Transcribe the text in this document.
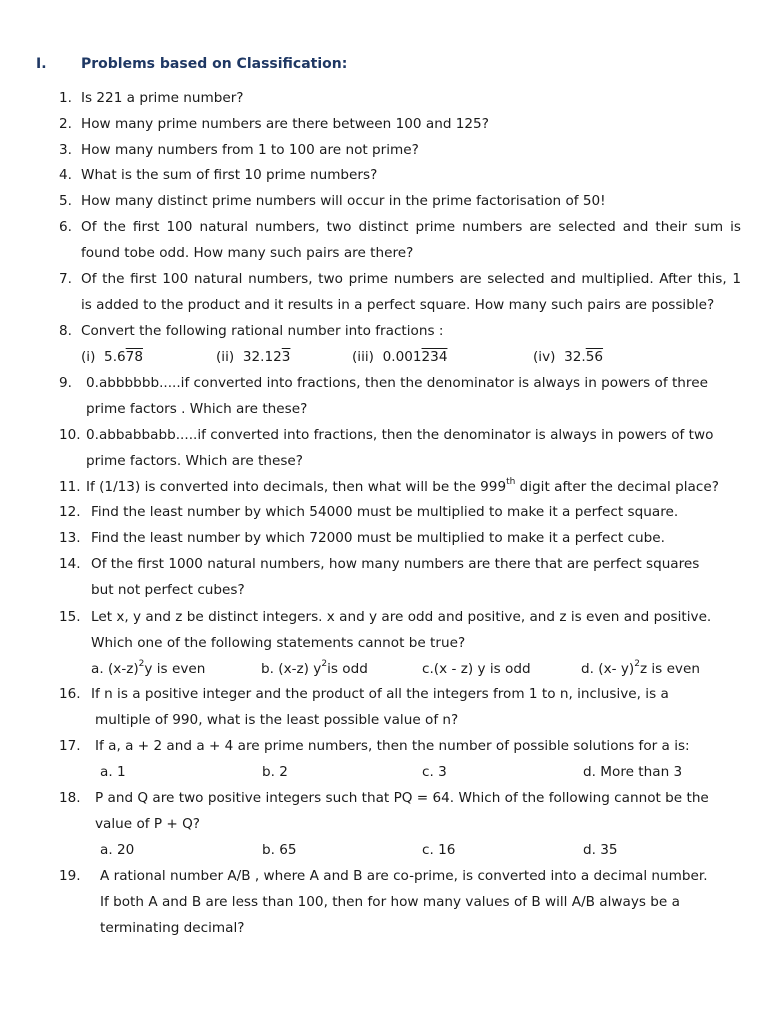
I. Problems based on Classification:
1. Is 221 a prime number?
2. How many prime numbers are there between 100 and 125?
3. How many numbers from 1 to 100 are not prime?
4. What is the sum of first 10 prime numbers?
5. How many distinct prime numbers will occur in the prime factorisation of 50!
6. Of the first 100 natural numbers, two distinct prime numbers are selected and their sum is
found tobe odd. How many such pairs are there?
7. Of the first 100 natural numbers, two prime numbers are selected and multiplied. After this, 1
is added to the product and it results in a perfect square. How many such pairs are possible?
8. Convert the following rational number into fractions :
(i) 5.678	(ii) 32.123	(iii) 0.001234	(iv) 32.56
9. 0.abbbbbb.....if converted into fractions, then the denominator is always in powers of three
prime factors . Which are these?
10. 0.abbabbabb.....if converted into fractions, then the denominator is always in powers of two
prime factors. Which are these?
11. If (1/13) is converted into decimals, then what will be the 999th digit after the decimal place?
12. Find the least number by which 54000 must be multiplied to make it a perfect square.
13. Find the least number by which 72000 must be multiplied to make it a perfect cube.
14. Of the first 1000 natural numbers, how many numbers are there that are perfect squares
but not perfect cubes?
15. Let x, y and z be distinct integers. x and y are odd and positive, and z is even and positive.
Which one of the following statements cannot be true?
a. $(x-z)^2y$ is even	b. (x-z) $y^2is$ odd	c.(x - z) y is odd	d. (x- y)$^2$z is even
16. If n is a positive integer and the product of all the integers from 1 to n, inclusive, is a
multiple of 990, what is the least possible value of n?
17. If a, a + 2 and a + 4 are prime numbers, then the number of possible solutions for a is:
a. 1	b. 2	c. 3	d. More than 3
18. P and Q are two positive integers such that PQ = 64. Which of the following cannot be the
value of P + Q?
a. 20	b. 65	c. 16	d. 35
19. A rational number A/B , where A and B are co-prime, is converted into a decimal number.
If both A and B are less than 100, then for how many values of B will A/B always be a
terminating decimal?
